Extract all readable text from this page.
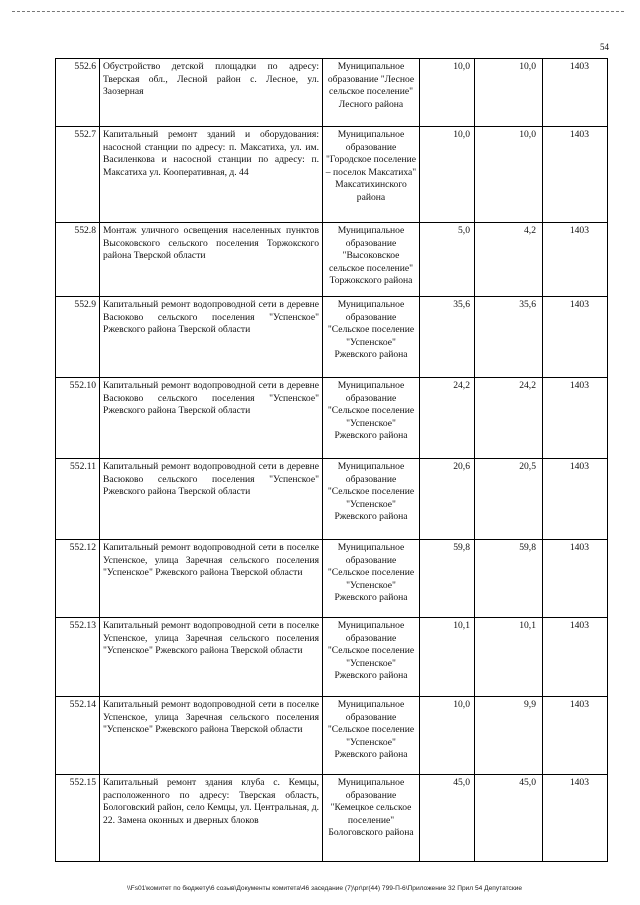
54
552.6 Обустройство детской площадки по адресу: Тверская обл., Лесной район с. Лесное, ул. Заозерная
Муниципальное образование "Лесное сельское поселение" Лесного района
10,0	10,0	1403
552.7 Капитальный ремонт зданий и оборудования: насосной станции по адресу: п. Максатиха, ул. им. Василенкова и насосной станции по адресу: п. Максатиха ул. Кооперативная, д. 44
Муниципальное образование "Городское поселение – поселок Максатиха" Максатихинского района
10,0	10,0	1403
552.8 Монтаж уличного освещения населенных пунктов Высоковского сельского поселения Торжокского района Тверской области
Муниципальное образование "Высоковское сельское поселение" Торжокского района
5,0	4,2	1403
552.9 Капитальный ремонт водопроводной сети в деревне Васюково сельского поселения "Успенское" Ржевского района Тверской области
Муниципальное образование "Сельское поселение "Успенское" Ржевского района
35,6	35,6	1403
552.10 Капитальный ремонт водопроводной сети в деревне Васюково сельского поселения "Успенское" Ржевского района Тверской области
Муниципальное образование "Сельское поселение "Успенское" Ржевского района
24,2	24,2	1403
552.11 Капитальный ремонт водопроводной сети в деревне Васюково сельского поселения "Успенское" Ржевского района Тверской области
Муниципальное образование "Сельское поселение "Успенское" Ржевского района
20,6	20,5	1403
552.12 Капитальный ремонт водопроводной сети в поселке Успенское, улица Заречная сельского поселения "Успенское" Ржевского района Тверской области
Муниципальное образование "Сельское поселение "Успенское" Ржевского района
59,8	59,8	1403
552.13 Капитальный ремонт водопроводной сети в поселке Успенское, улица Заречная сельского поселения "Успенское" Ржевского района Тверской области
Муниципальное образование "Сельское поселение "Успенское" Ржевского района
10,1	10,1	1403
552.14 Капитальный ремонт водопроводной сети в поселке Успенское, улица Заречная сельского поселения "Успенское" Ржевского района Тверской области
Муниципальное образование "Сельское поселение "Успенское" Ржевского района
10,0	9,9	1403
552.15 Капитальный ремонт здания клуба с. Кемцы, расположенного по адресу: Тверская область, Бологовский район, село Кемцы, ул. Центральная, д. 22. Замена оконных и дверных блоков
Муниципальное образование "Кемецкое сельское поселение" Бологовского района
45,0	45,0	1403
\\Fs01\комитет по бюджету\6 созыв\Документы комитета\46 заседание (7)\pr\pr(44) 799-П-6\Приложение 32 Прил 54 Депутатские
